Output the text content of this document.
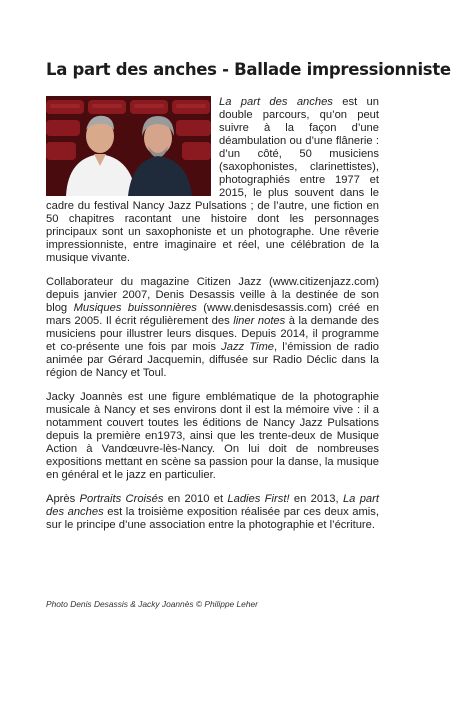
La part des anches - Ballade impressionniste

La part des anches est un double parcours, qu’on peut suivre à la façon d’une déambulation ou d’une flânerie : d’un côté, 50 musiciens (saxophonistes, clarinettistes), photographiés entre 1977 et 2015, le plus souvent dans le cadre du festival Nancy Jazz Pulsations ; de l’autre, une fiction en 50 chapitres racontant une histoire dont les personnages principaux sont un saxophoniste et un photographe. Une rêverie impressionniste, entre imaginaire et réel, une célébration de la musique vivante.

Collaborateur du magazine Citizen Jazz (www.citizenjazz.com) depuis janvier 2007, Denis Desassis veille à la destinée de son blog Musiques buissonnières (www.denisdesassis.com) créé en mars 2005. Il écrit régulièrement des liner notes à la demande des musiciens pour illustrer leurs disques. Depuis 2014, il programme et co-présente une fois par mois Jazz Time, l’émission de radio animée par Gérard Jacquemin, diffusée sur Radio Déclic dans la région de Nancy et Toul.

Jacky Joannès est une figure emblématique de la photographie musicale à Nancy et ses environs dont il est la mémoire vive : il a notamment couvert toutes les éditions de Nancy Jazz Pulsations depuis la première en1973, ainsi que les trente-deux de Musique Action à Vandœuvre-lès-Nancy. On lui doit de nombreuses expositions mettant en scène sa passion pour la danse, la musique en général et le jazz en particulier.

Après Portraits Croisés en 2010 et Ladies First! en 2013, La part des anches est la troisième exposition réalisée par ces deux amis, sur le principe d’une association entre la photographie et l’écriture.

Photo Denis Desassis & Jacky Joannès © Philippe Leher
